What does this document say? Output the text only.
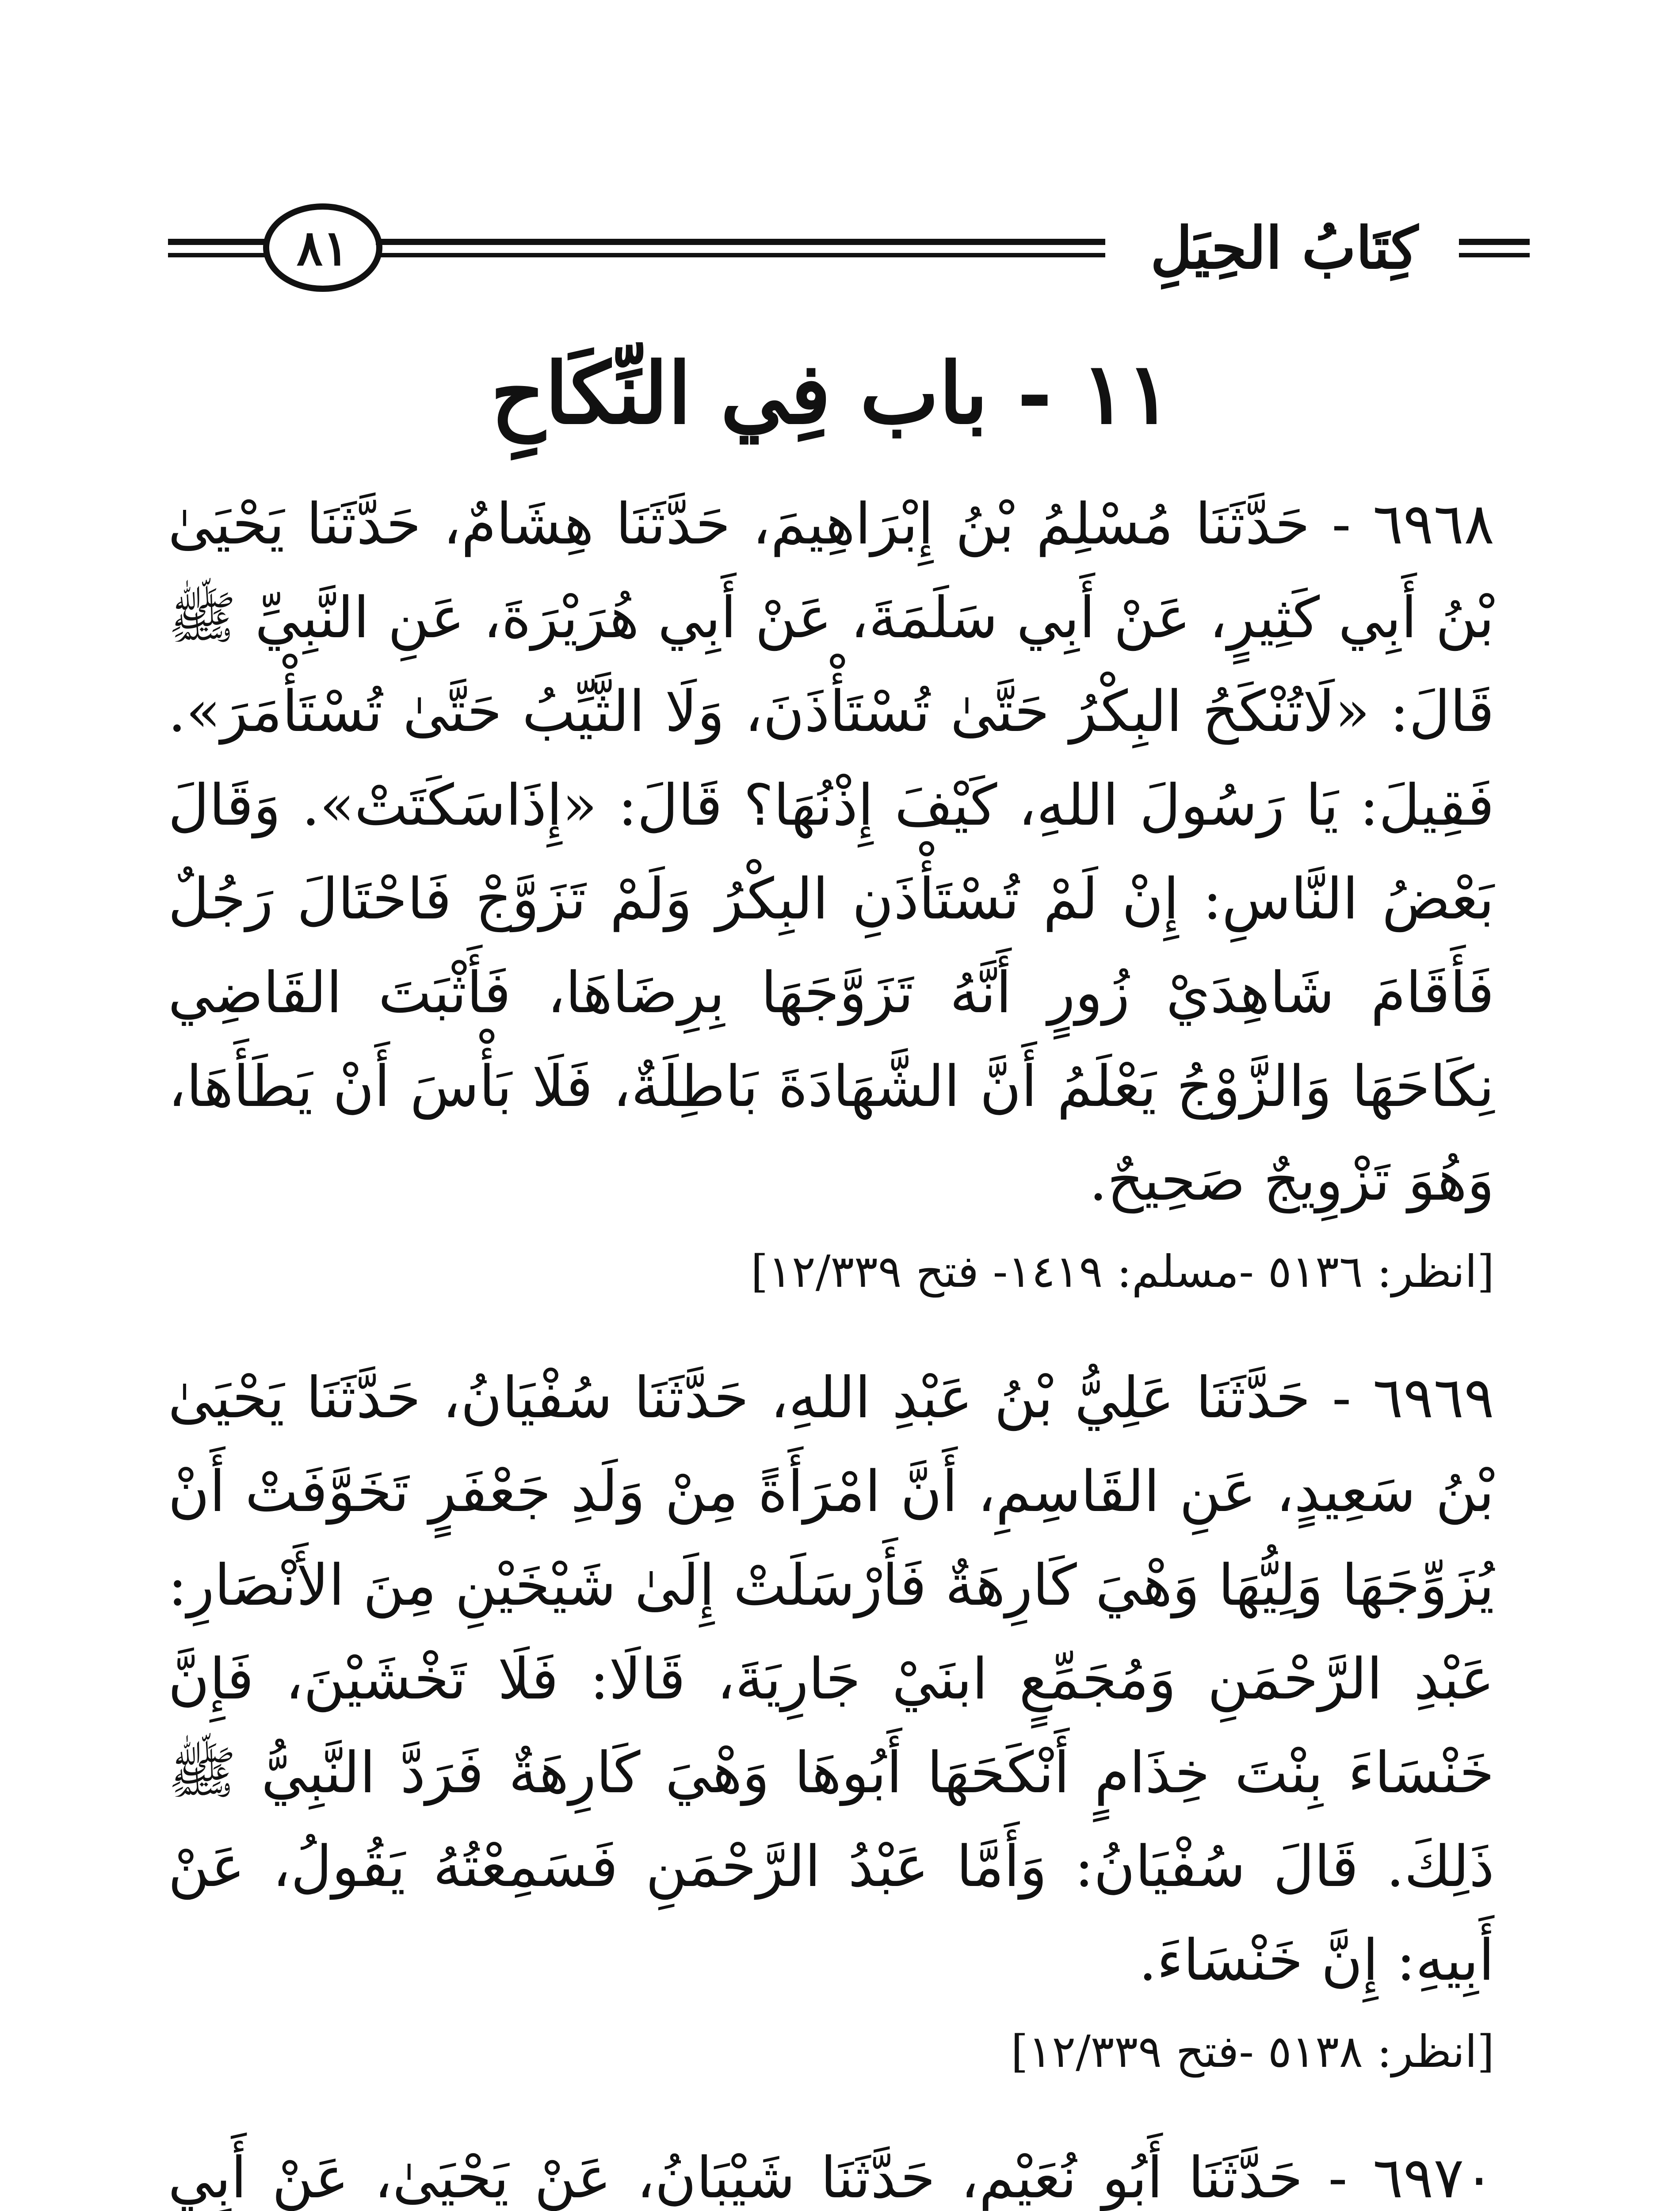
٨١	كِتَابُ الحِيَلِ
١١ - باب فِي النِّكَاحِ

٦٩٦٨ - حَدَّثَنَا مُسْلِمُ بْنُ إِبْرَاهِيمَ، حَدَّثَنَا هِشَامٌ، حَدَّثَنَا يَحْيَىٰ بْنُ أَبِي كَثِيرٍ، عَنْ أَبِي سَلَمَةَ، عَنْ أَبِي هُرَيْرَةَ، عَنِ النَّبِيِّ ﷺ قَالَ: «لَاتُنْكَحُ البِكْرُ حَتَّىٰ تُسْتَأْذَنَ، وَلَا الثَّيِّبُ حَتَّىٰ تُسْتَأْمَرَ». فَقِيلَ: يَا رَسُولَ اللهِ، كَيْفَ إِذْنُهَا؟ قَالَ: «إِذَاسَكَتَتْ». وَقَالَ بَعْضُ النَّاسِ: إِنْ لَمْ تُسْتَأْذَنِ البِكْرُ وَلَمْ تَزَوَّجْ فَاحْتَالَ رَجُلٌ فَأَقَامَ شَاهِدَيْ زُورٍ أَنَّهُ تَزَوَّجَهَا بِرِضَاهَا، فَأَثْبَتَ القَاضِي نِكَاحَهَا وَالزَّوْجُ يَعْلَمُ أَنَّ الشَّهَادَةَ بَاطِلَةٌ، فَلَا بَأْسَ أَنْ يَطَأَهَا، وَهُوَ تَزْوِيجٌ صَحِيحٌ.

[انظر: ٥١٣٦ -مسلم: ١٤١٩- فتح ١٢/٣٣٩]

٦٩٦٩ - حَدَّثَنَا عَلِيُّ بْنُ عَبْدِ اللهِ، حَدَّثَنَا سُفْيَانُ، حَدَّثَنَا يَحْيَىٰ بْنُ سَعِيدٍ، عَنِ القَاسِمِ، أَنَّ امْرَأَةً مِنْ وَلَدِ جَعْفَرٍ تَخَوَّفَتْ أَنْ يُزَوِّجَهَا وَلِيُّهَا وَهْيَ كَارِهَةٌ فَأَرْسَلَتْ إِلَىٰ شَيْخَيْنِ مِنَ الأَنْصَارِ: عَبْدِ الرَّحْمَنِ وَمُجَمِّعٍ ابنَيْ جَارِيَةَ، قَالَا: فَلَا تَخْشَيْنَ، فَإِنَّ خَنْسَاءَ بِنْتَ خِذَامٍ أَنْكَحَهَا أَبُوهَا وَهْيَ كَارِهَةٌ فَرَدَّ النَّبِيُّ ﷺ ذَلِكَ. قَالَ سُفْيَانُ: وَأَمَّا عَبْدُ الرَّحْمَنِ فَسَمِعْتُهُ يَقُولُ، عَنْ أَبِيهِ: إِنَّ خَنْسَاءَ.

[انظر: ٥١٣٨ -فتح ١٢/٣٣٩]

٦٩٧٠ - حَدَّثَنَا أَبُو نُعَيْمٍ، حَدَّثَنَا شَيْبَانُ، عَنْ يَحْيَىٰ، عَنْ أَبِي
